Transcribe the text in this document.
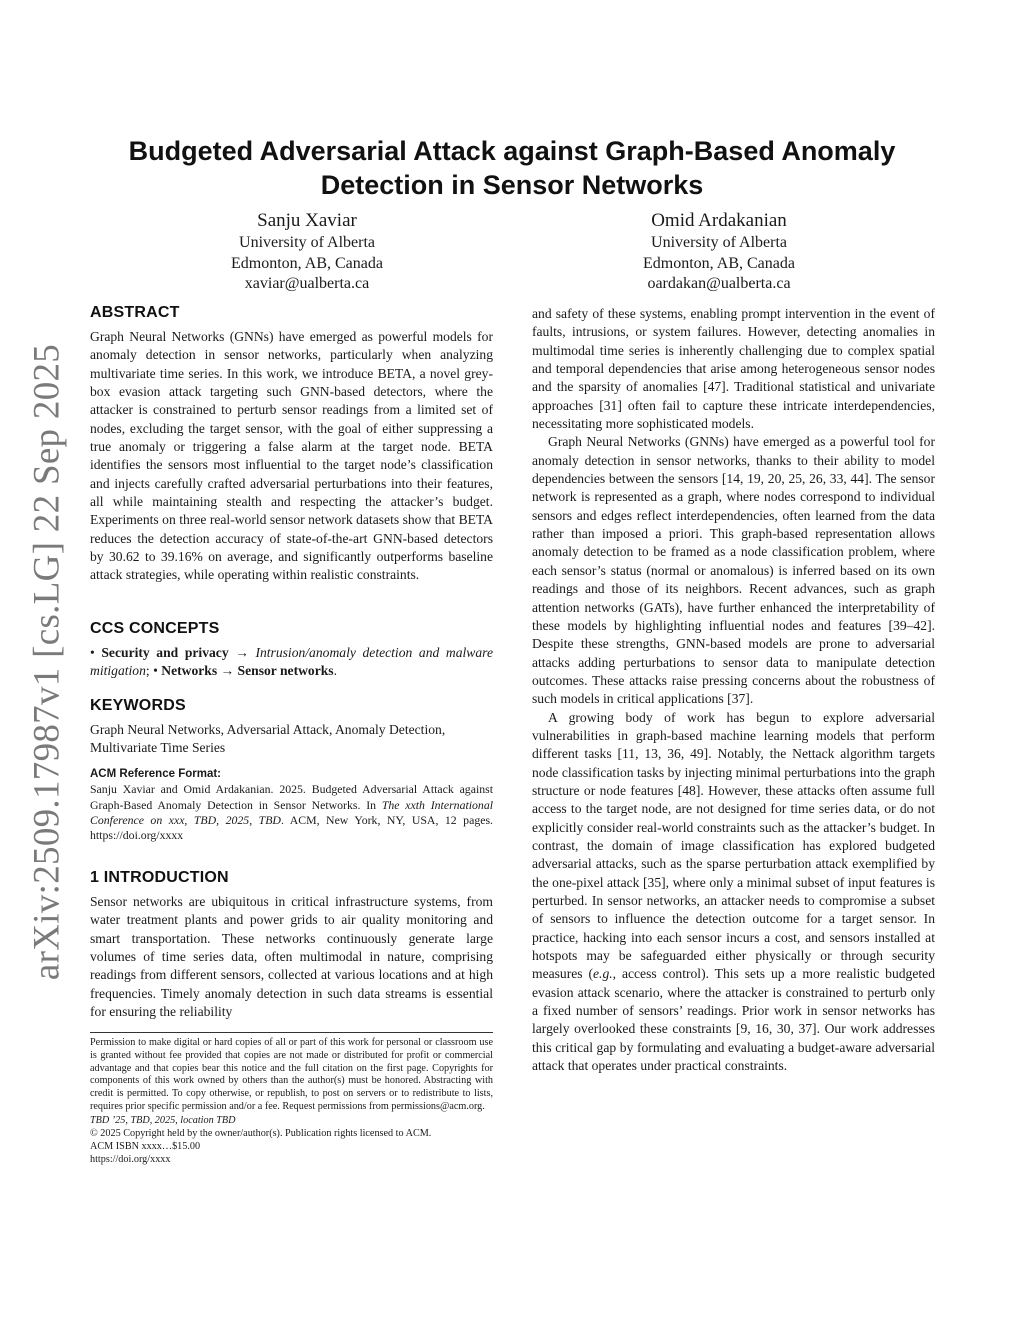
arXiv:2509.17987v1 [cs.LG] 22 Sep 2025
Budgeted Adversarial Attack against Graph-Based Anomaly
Detection in Sensor Networks
Sanju Xaviar
University of Alberta
Edmonton, AB, Canada
xaviar@ualberta.ca
Omid Ardakanian
University of Alberta
Edmonton, AB, Canada
oardakan@ualberta.ca
ABSTRACT

Graph Neural Networks (GNNs) have emerged as powerful models for anomaly detection in sensor networks, particularly when analyzing multivariate time series. In this work, we introduce BETA, a novel grey-box evasion attack targeting such GNN-based detectors, where the attacker is constrained to perturb sensor readings from a limited set of nodes, excluding the target sensor, with the goal of either suppressing a true anomaly or triggering a false alarm at the target node. BETA identifies the sensors most influential to the target node’s classification and injects carefully crafted adversarial perturbations into their features, all while maintaining stealth and respecting the attacker’s budget. Experiments on three real-world sensor network datasets show that BETA reduces the detection accuracy of state-of-the-art GNN-based detectors by 30.62 to 39.16% on average, and significantly outperforms baseline attack strategies, while operating within realistic constraints.

CCS CONCEPTS

• Security and privacy → Intrusion/anomaly detection and malware mitigation; • Networks → Sensor networks.

KEYWORDS

Graph Neural Networks, Adversarial Attack, Anomaly Detection, Multivariate Time Series

ACM Reference Format:
Sanju Xaviar and Omid Ardakanian. 2025. Budgeted Adversarial Attack against Graph-Based Anomaly Detection in Sensor Networks. In The xxth International Conference on xxx, TBD, 2025, TBD. ACM, New York, NY, USA, 12 pages. https://doi.org/xxxx
1 INTRODUCTION

Sensor networks are ubiquitous in critical infrastructure systems, from water treatment plants and power grids to air quality monitoring and smart transportation. These networks continuously generate large volumes of time series data, often multimodal in nature, comprising readings from different sensors, collected at various locations and at high frequencies. Timely anomaly detection in such data streams is essential for ensuring the reliability

Permission to make digital or hard copies of all or part of this work for personal or classroom use is granted without fee provided that copies are not made or distributed for profit or commercial advantage and that copies bear this notice and the full citation on the first page. Copyrights for components of this work owned by others than the author(s) must be honored. Abstracting with credit is permitted. To copy otherwise, or republish, to post on servers or to redistribute to lists, requires prior specific permission and/or a fee. Request permissions from permissions@acm.org.
TBD ’25, TBD, 2025, location TBD
© 2025 Copyright held by the owner/author(s). Publication rights licensed to ACM.
ACM ISBN xxxx…$15.00
https://doi.org/xxxx

and safety of these systems, enabling prompt intervention in the event of faults, intrusions, or system failures. However, detecting anomalies in multimodal time series is inherently challenging due to complex spatial and temporal dependencies that arise among heterogeneous sensor nodes and the sparsity of anomalies [47]. Traditional statistical and univariate approaches [31] often fail to capture these intricate interdependencies, necessitating more sophisticated models.

Graph Neural Networks (GNNs) have emerged as a powerful tool for anomaly detection in sensor networks, thanks to their ability to model dependencies between the sensors [14, 19, 20, 25, 26, 33, 44]. The sensor network is represented as a graph, where nodes correspond to individual sensors and edges reflect interdependencies, often learned from the data rather than imposed a priori. This graph-based representation allows anomaly detection to be framed as a node classification problem, where each sensor’s status (normal or anomalous) is inferred based on its own readings and those of its neighbors. Recent advances, such as graph attention networks (GATs), have further enhanced the interpretability of these models by highlighting influential nodes and features [39–42]. Despite these strengths, GNN-based models are prone to adversarial attacks adding perturbations to sensor data to manipulate detection outcomes. These attacks raise pressing concerns about the robustness of such models in critical applications [37].

A growing body of work has begun to explore adversarial vulnerabilities in graph-based machine learning models that perform different tasks [11, 13, 36, 49]. Notably, the Nettack algorithm targets node classification tasks by injecting minimal perturbations into the graph structure or node features [48]. However, these attacks often assume full access to the target node, are not designed for time series data, or do not explicitly consider real-world constraints such as the attacker’s budget. In contrast, the domain of image classification has explored budgeted adversarial attacks, such as the sparse perturbation attack exemplified by the one-pixel attack [35], where only a minimal subset of input features is perturbed. In sensor networks, an attacker needs to compromise a subset of sensors to influence the detection outcome for a target sensor. In practice, hacking into each sensor incurs a cost, and sensors installed at hotspots may be safeguarded either physically or through security measures (e.g., access control). This sets up a more realistic budgeted evasion attack scenario, where the attacker is constrained to perturb only a fixed number of sensors’ readings. Prior work in sensor networks has largely overlooked these constraints [9, 16, 30, 37]. Our work addresses this critical gap by formulating and evaluating a budget-aware adversarial attack that operates under practical constraints.
